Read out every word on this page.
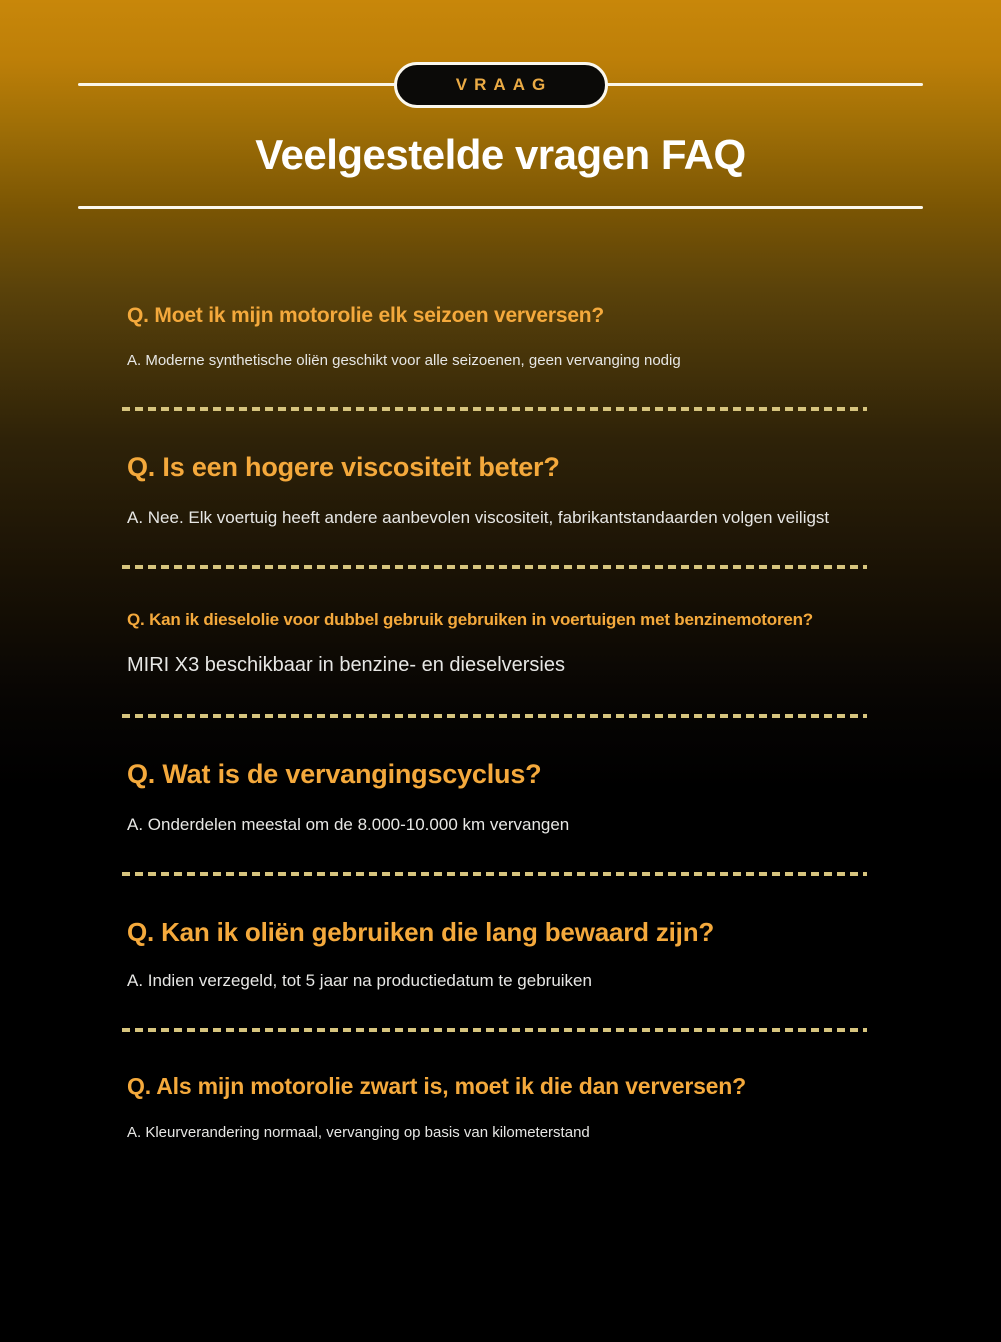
VRAAG
Veelgestelde vragen FAQ
Q. Moet ik mijn motorolie elk seizoen verversen?

A. Moderne synthetische oliën geschikt voor alle seizoenen, geen vervanging nodig

Q. Is een hogere viscositeit beter?

A. Nee. Elk voertuig heeft andere aanbevolen viscositeit, fabrikantstandaarden volgen veiligst

Q. Kan ik dieselolie voor dubbel gebruik gebruiken in voertuigen met benzinemotoren?

MIRI X3 beschikbaar in benzine- en dieselversies

Q. Wat is de vervangingscyclus?

A. Onderdelen meestal om de 8.000-10.000 km vervangen

Q. Kan ik oliën gebruiken die lang bewaard zijn?

A. Indien verzegeld, tot 5 jaar na productiedatum te gebruiken

Q. Als mijn motorolie zwart is, moet ik die dan verversen?

A. Kleurverandering normaal, vervanging op basis van kilometerstand
